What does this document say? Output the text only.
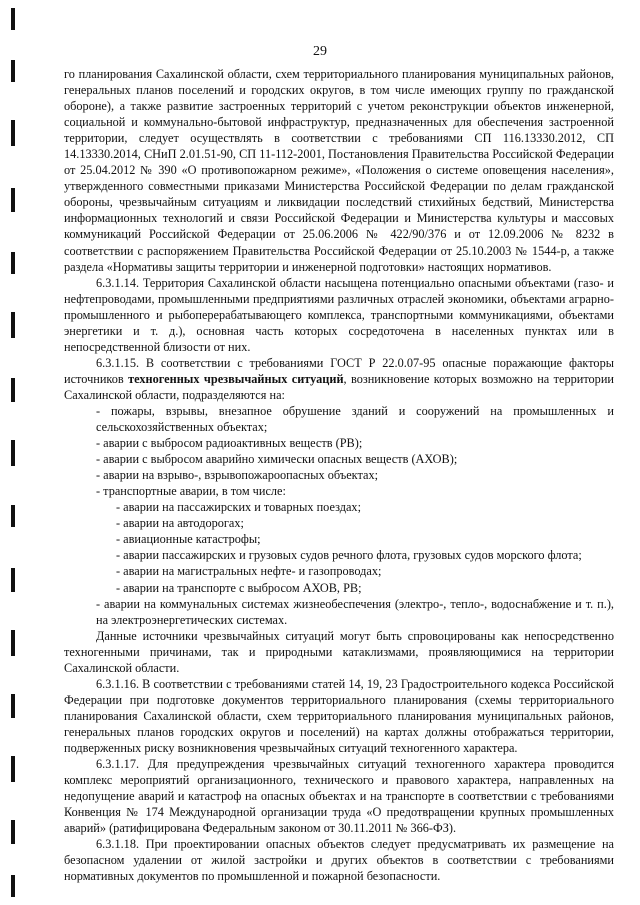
29

го планирования Сахалинской области, схем территориального планирования муниципальных районов, генеральных планов поселений и городских округов, в том числе имеющих группу по гражданской обороне), а также развитие застроенных территорий с учетом реконструкции объектов инженерной, социальной и коммунально-бытовой инфраструктур, предназначенных для обеспечения застроенной территории, следует осуществлять в соответствии с требованиями СП 116.13330.2012, СП 14.13330.2014, СНиП 2.01.51-90, СП 11-112-2001, Постановления Правительства Российской Федерации от 25.04.2012 № 390 «О противопожарном режиме», «Положения о системе оповещения населения», утвержденного совместными приказами Министерства Российской Федерации по делам гражданской обороны, чрезвычайным ситуациям и ликвидации последствий стихийных бедствий, Министерства информационных технологий и связи Российской Федерации и Министерства культуры и массовых коммуникаций Российской Федерации от 25.06.2006 № 422/90/376 и от 12.09.2006 № 8232 в соответствии с распоряжением Правительства Российской Федерации от 25.10.2003 № 1544-р, а также раздела «Нормативы защиты территории и инженерной подготовки» настоящих нормативов.

6.3.1.14. Территория Сахалинской области насыщена потенциально опасными объектами (газо- и нефтепроводами, промышленными предприятиями различных отраслей экономики, объектами аграрно-промышленного и рыбоперерабатывающего комплекса, транспортными коммуникациями, объектами энергетики и т. д.), основная часть которых сосредоточена в населенных пунктах или в непосредственной близости от них.

6.3.1.15. В соответствии с требованиями ГОСТ Р 22.0.07-95 опасные поражающие факторы источников техногенных чрезвычайных ситуаций, возникновение которых возможно на территории Сахалинской области, подразделяются на:

- пожары, взрывы, внезапное обрушение зданий и сооружений на промышленных и сельскохозяйственных объектах;

- аварии с выбросом радиоактивных веществ (РВ);

- аварии с выбросом аварийно химически опасных веществ (АХОВ);

- аварии на взрыво-, взрывопожароопасных объектах;

- транспортные аварии, в том числе:

- аварии на пассажирских и товарных поездах;

- аварии на автодорогах;

- авиационные катастрофы;

- аварии пассажирских и грузовых судов речного флота, грузовых судов морского флота;

- аварии на магистральных нефте- и газопроводах;

- аварии на транспорте с выбросом АХОВ, РВ;

- аварии на коммунальных системах жизнеобеспечения (электро-, тепло-, водоснабжение и т. п.), на электроэнергетических системах.

Данные источники чрезвычайных ситуаций могут быть спровоцированы как непосредственно техногенными причинами, так и природными катаклизмами, проявляющимися на территории Сахалинской области.

6.3.1.16. В соответствии с требованиями статей 14, 19, 23 Градостроительного кодекса Российской Федерации при подготовке документов территориального планирования (схемы территориального планирования Сахалинской области, схем территориального планирования муниципальных районов, генеральных планов городских округов и поселений) на картах должны отображаться территории, подверженных риску возникновения чрезвычайных ситуаций техногенного характера.

6.3.1.17. Для предупреждения чрезвычайных ситуаций техногенного характера проводится комплекс мероприятий организационного, технического и правового характера, направленных на недопущение аварий и катастроф на опасных объектах и на транспорте в соответствии с требованиями Конвенция № 174 Международной организации труда «О предотвращении крупных промышленных аварий» (ратифицирована Федеральным законом от 30.11.2011 № 366-ФЗ).

6.3.1.18. При проектировании опасных объектов следует предусматривать их размещение на безопасном удалении от жилой застройки и других объектов в соответствии с требованиями нормативных документов по промышленной и пожарной безопасности.
